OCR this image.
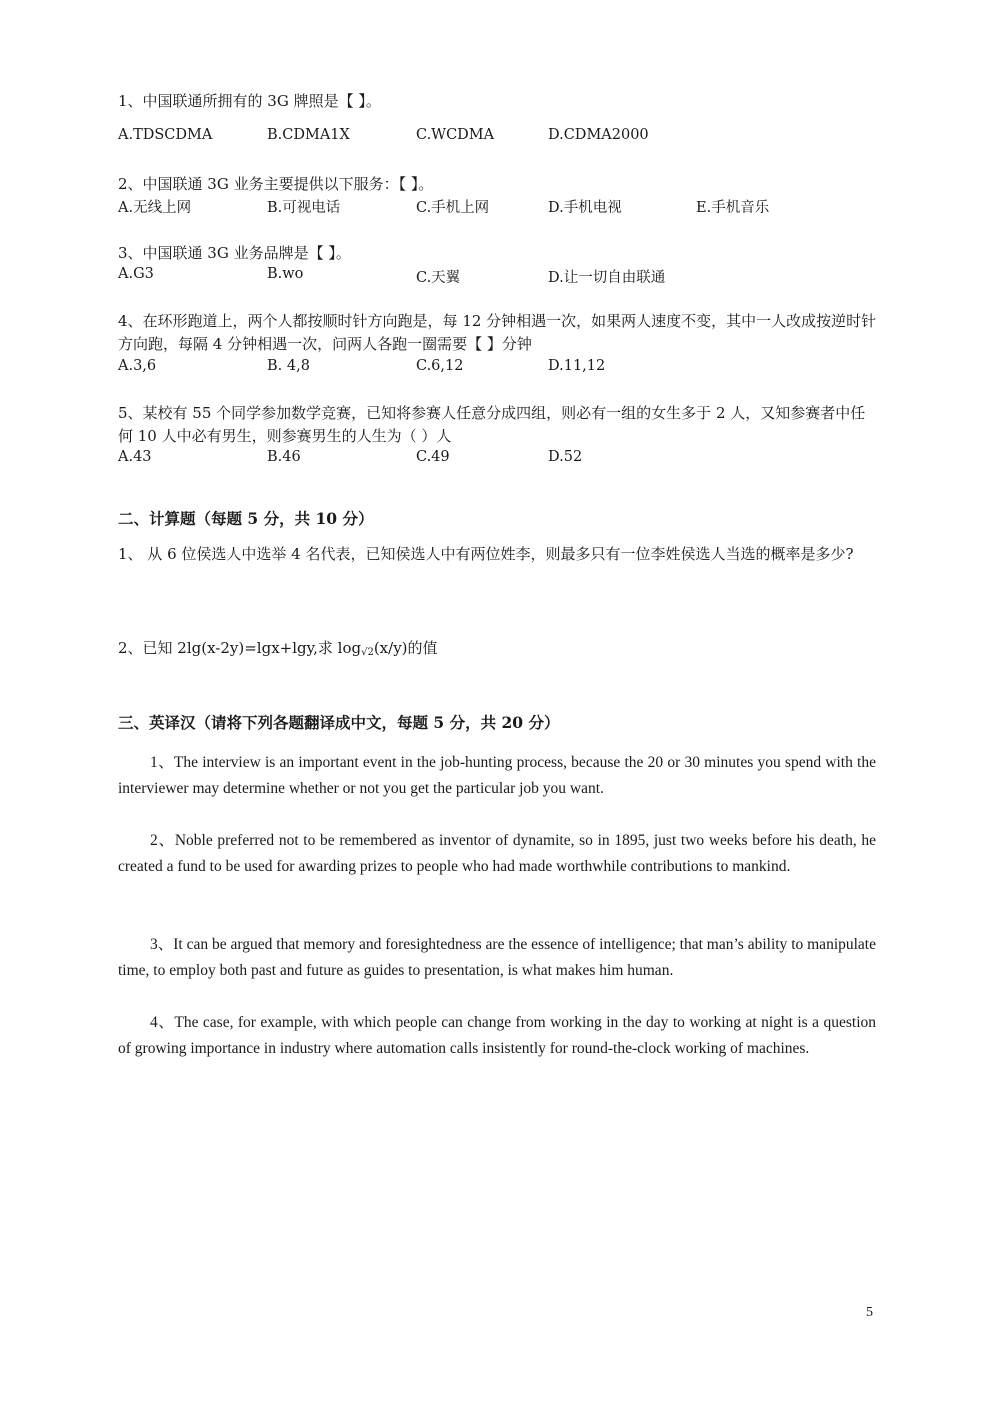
1、中国联通所拥有的 3G 牌照是【 】。
A.TDSCDMA	B.CDMA1X	C.WCDMA	D.CDMA2000
2、中国联通 3G 业务主要提供以下服务：【 】。
A.无线上网	B.可视电话	C.手机上网	D.手机电视	E.手机音乐
3、中国联通 3G 业务品牌是【 】。
A.G3	B.wo	C.天翼	D.让一切自由联通
4、在环形跑道上，两个人都按顺时针方向跑是，每 12 分钟相遇一次，如果两人速度不变，其中一人改成按逆时针方向跑，每隔 4 分钟相遇一次，问两人各跑一圈需要【 】分钟
A.3,6	B. 4,8	C.6,12	D.11,12
5、某校有 55 个同学参加数学竞赛，已知将参赛人任意分成四组，则必有一组的女生多于 2 人，又知参赛者中任何 10 人中必有男生，则参赛男生的人生为（ ）人
A.43	B.46	C.49	D.52
二、计算题（每题 5 分，共 10 分）
1、 从 6 位侯选人中选举 4 名代表，已知侯选人中有两位姓李，则最多只有一位李姓侯选人当选的概率是多少?
2、已知 2lg(x-2y)=lgx+lgy,求 $\log_{√2}(x/y)$的值
三、英译汉（请将下列各题翻译成中文，每题 5 分，共 20 分）
1、The interview is an important event in the job-hunting process, because the 20 or 30 minutes you spend with the interviewer may determine whether or not you get the particular job you want.
2、Noble preferred not to be remembered as inventor of dynamite, so in 1895, just two weeks before his death, he created a fund to be used for awarding prizes to people who had made worthwhile contributions to mankind.
3、It can be argued that memory and foresightedness are the essence of intelligence; that man’s ability to manipulate time, to employ both past and future as guides to presentation, is what makes him human.
4、The case, for example, with which people can change from working in the day to working at night is a question of growing importance in industry where automation calls insistently for round-the-clock working of machines.
5
